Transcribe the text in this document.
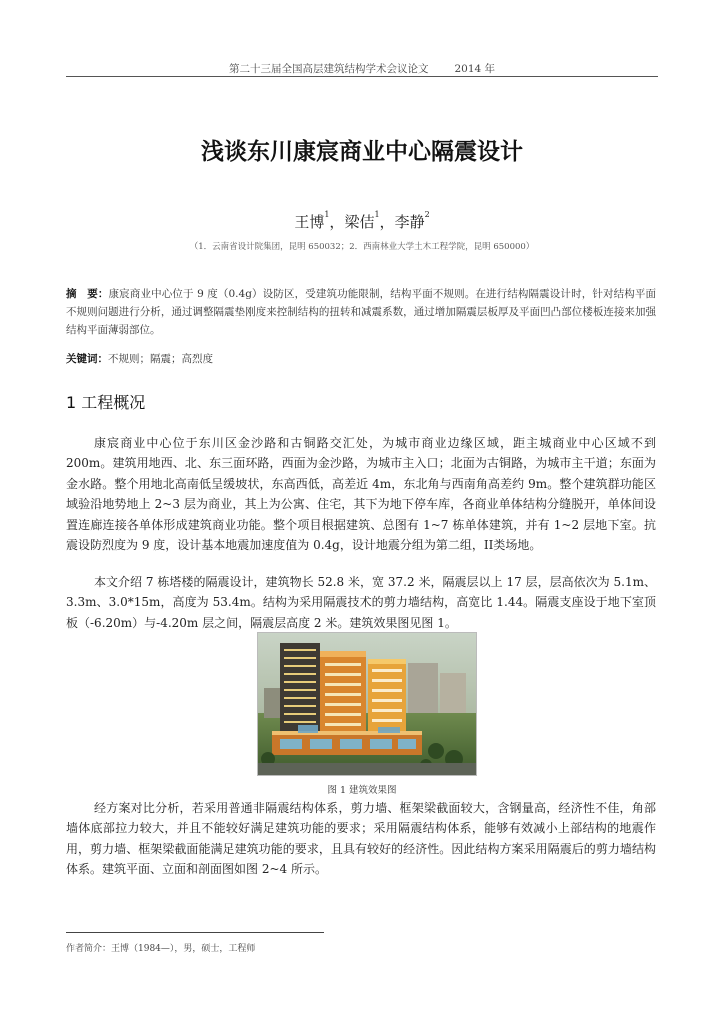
第二十三届全国高层建筑结构学术会议论文 2014 年
浅谈东川康宸商业中心隔震设计
王博$^1$，梁佶$^1$，李静$^2$
（1．云南省设计院集团，昆明 650032；2．西南林业大学土木工程学院，昆明 650000）
摘　要：康宸商业中心位于 9 度（0.4g）设防区，受建筑功能限制，结构平面不规则。在进行结构隔震设计时，针对结构平面不规则问题进行分析，通过调整隔震垫刚度来控制结构的扭转和减震系数，通过增加隔震层板厚及平面凹凸部位楼板连接来加强结构平面薄弱部位。
关键词：不规则；隔震；高烈度
1 工程概况

康宸商业中心位于东川区金沙路和古铜路交汇处，为城市商业边缘区域，距主城商业中心区域不到200m。建筑用地西、北、东三面环路，西面为金沙路，为城市主入口；北面为古铜路，为城市主干道；东面为金水路。整个用地北高南低呈缓坡状，东高西低，高差近 4m，东北角与西南角高差约 9m。整个建筑群功能区域验沿地势地上 2~3 层为商业，其上为公寓、住宅，其下为地下停车库，各商业单体结构分缝脱开，单体间设置连廊连接各单体形成建筑商业功能。整个项目根据建筑、总图有 1~7 栋单体建筑，并有 1~2 层地下室。抗震设防烈度为 9 度，设计基本地震加速度值为 0.4g，设计地震分组为第二组，II类场地。

本文介绍 7 栋塔楼的隔震设计，建筑物长 52.8 米，宽 37.2 米，隔震层以上 17 层，层高依次为 5.1m、3.3m、3.0*15m，高度为 53.4m。结构为采用隔震技术的剪力墙结构，高宽比 1.44。隔震支座设于地下室顶板（-6.20m）与-4.20m 层之间，隔震层高度 2 米。建筑效果图见图 1。

图 1 建筑效果图

经方案对比分析，若采用普通非隔震结构体系，剪力墙、框架梁截面较大，含钢量高，经济性不佳，角部墙体底部拉力较大，并且不能较好满足建筑功能的要求；采用隔震结构体系，能够有效减小上部结构的地震作用，剪力墙、框架梁截面能满足建筑功能的要求，且具有较好的经济性。因此结构方案采用隔震后的剪力墙结构体系。建筑平面、立面和剖面图如图 2~4 所示。

作者简介：王博（1984—），男，硕士，工程师
